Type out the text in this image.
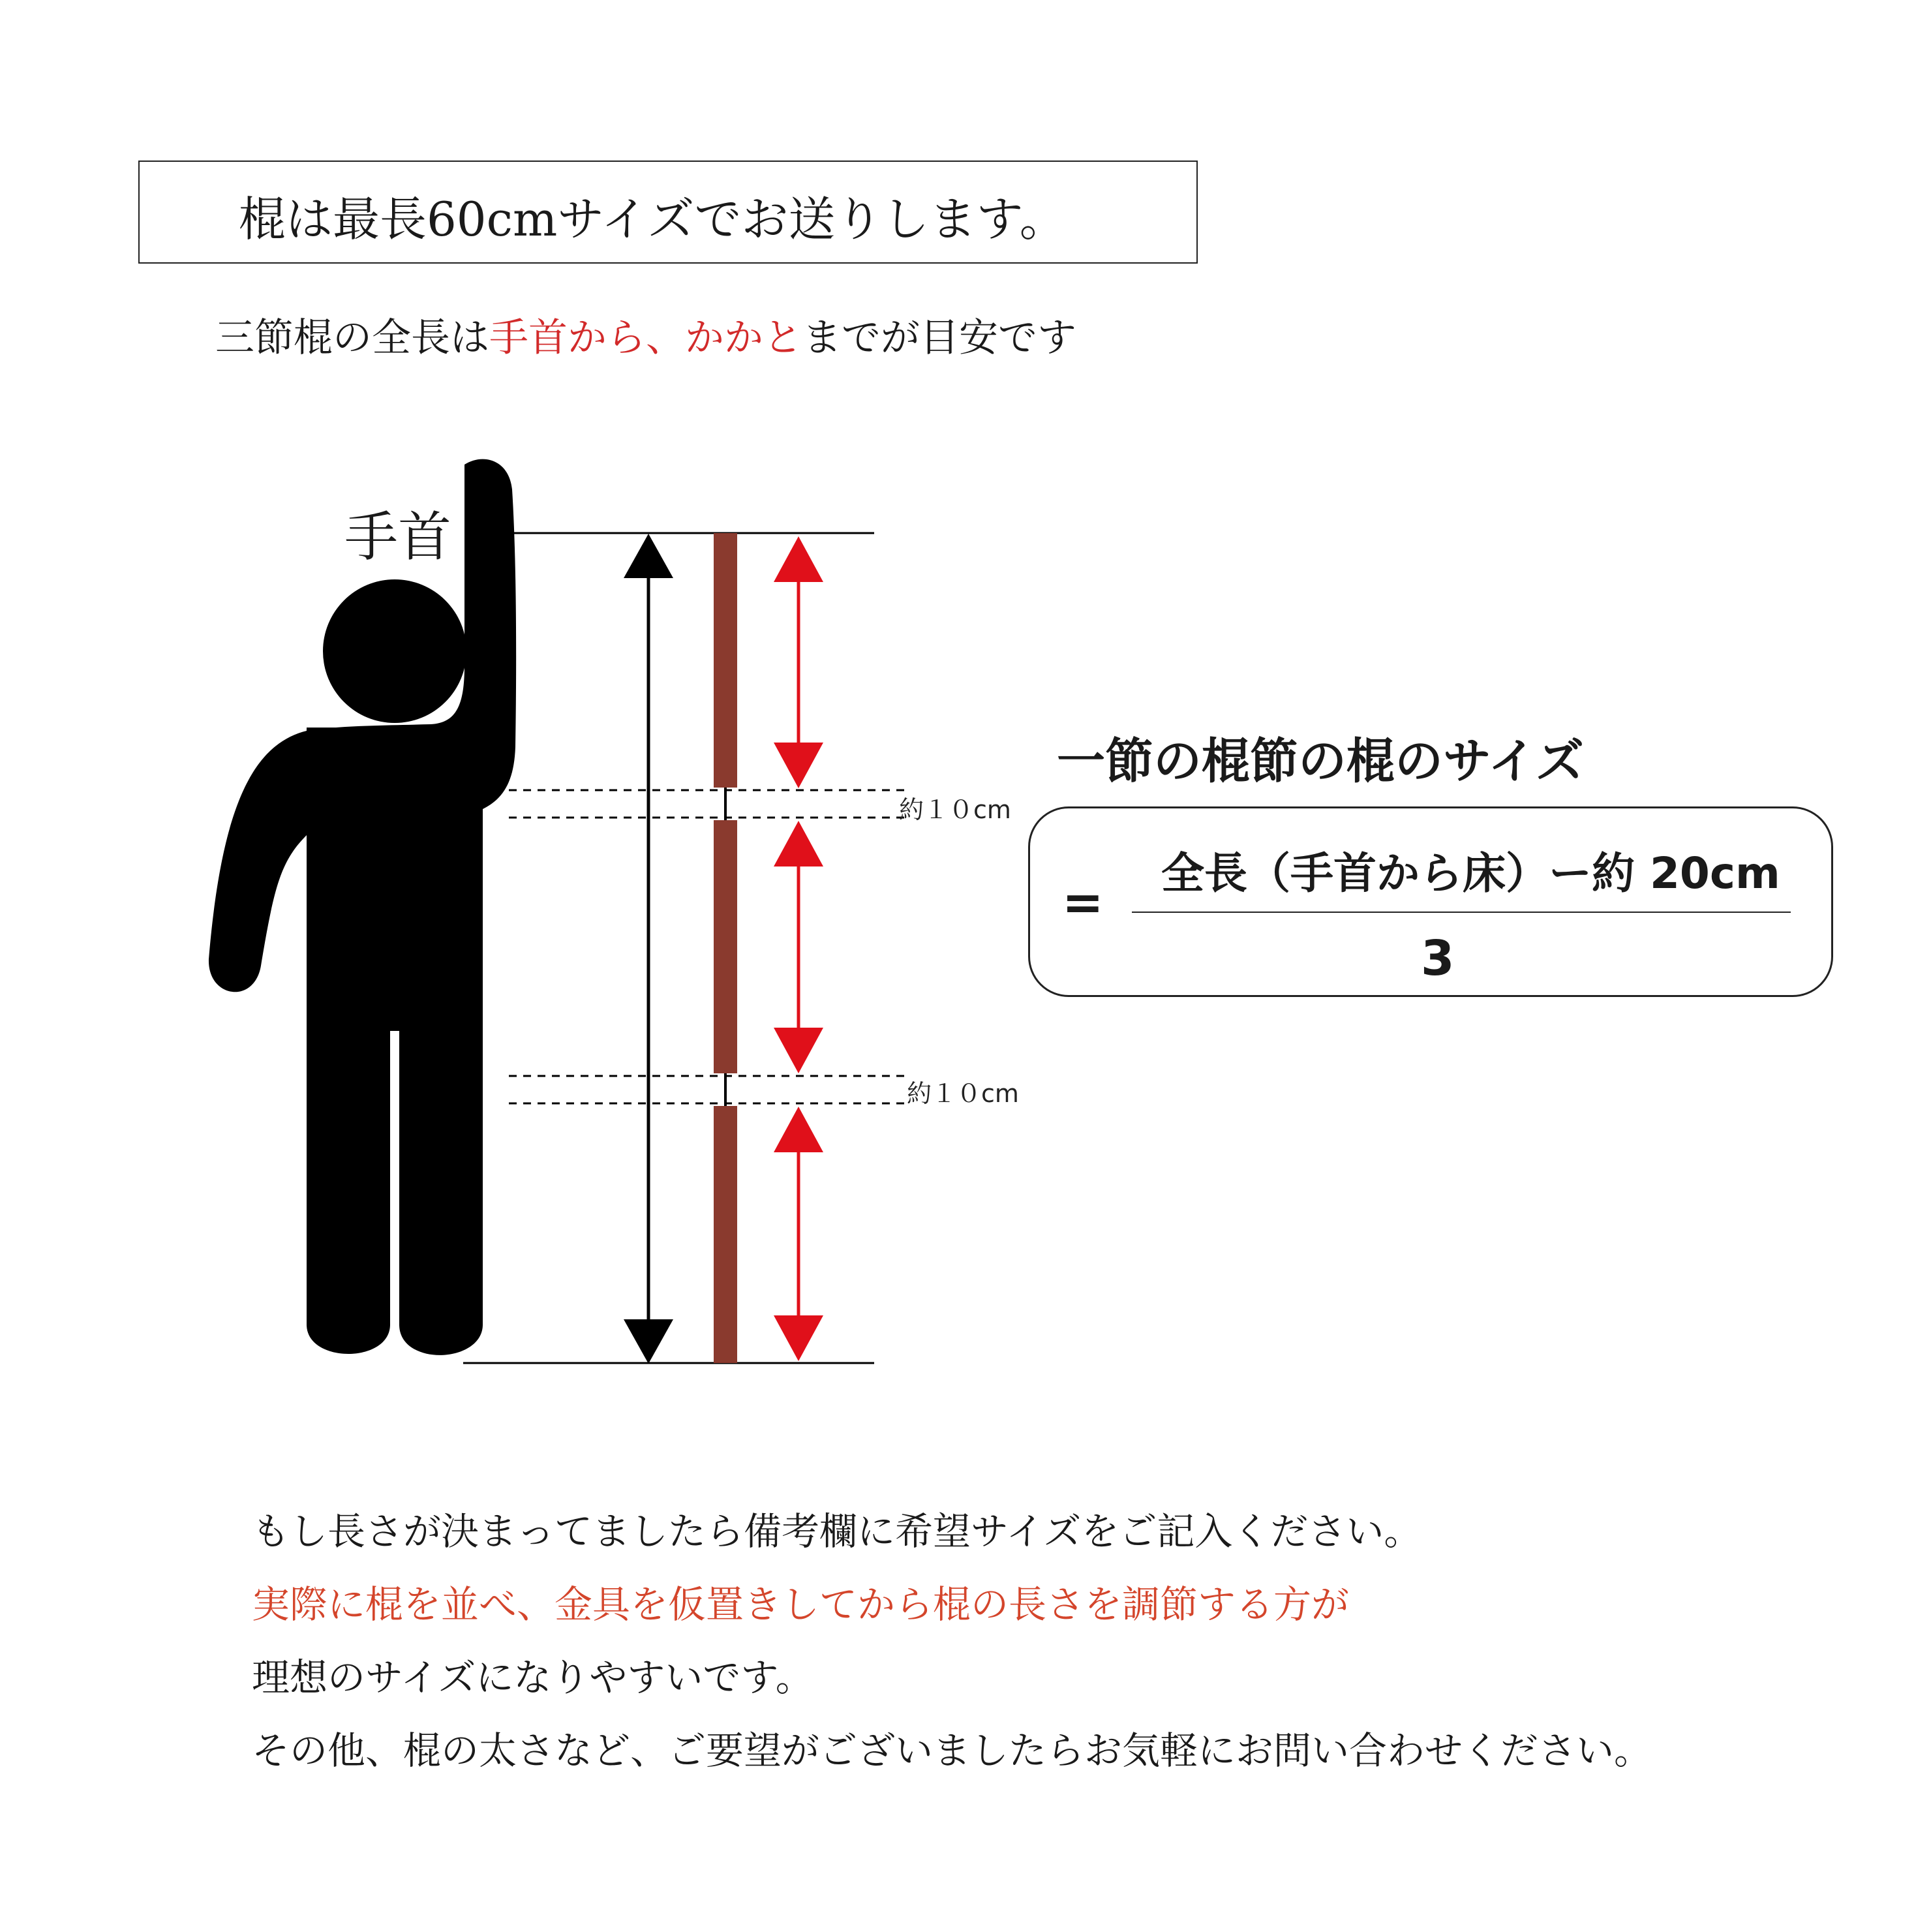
棍は最長60cmサイズでお送りします。
三節棍の全長は手首から、かかとまでが目安です
手首
約１０cm
約１０cm
一節の棍節の棍のサイズ
= 全長（手首から床）ー約 20cm
3
もし長さが決まってましたら備考欄に希望サイズをご記入ください。
実際に棍を並べ、金具を仮置きしてから棍の長さを調節する方が
理想のサイズになりやすいです。
その他、棍の太さなど、ご要望がございましたらお気軽にお問い合わせください。
